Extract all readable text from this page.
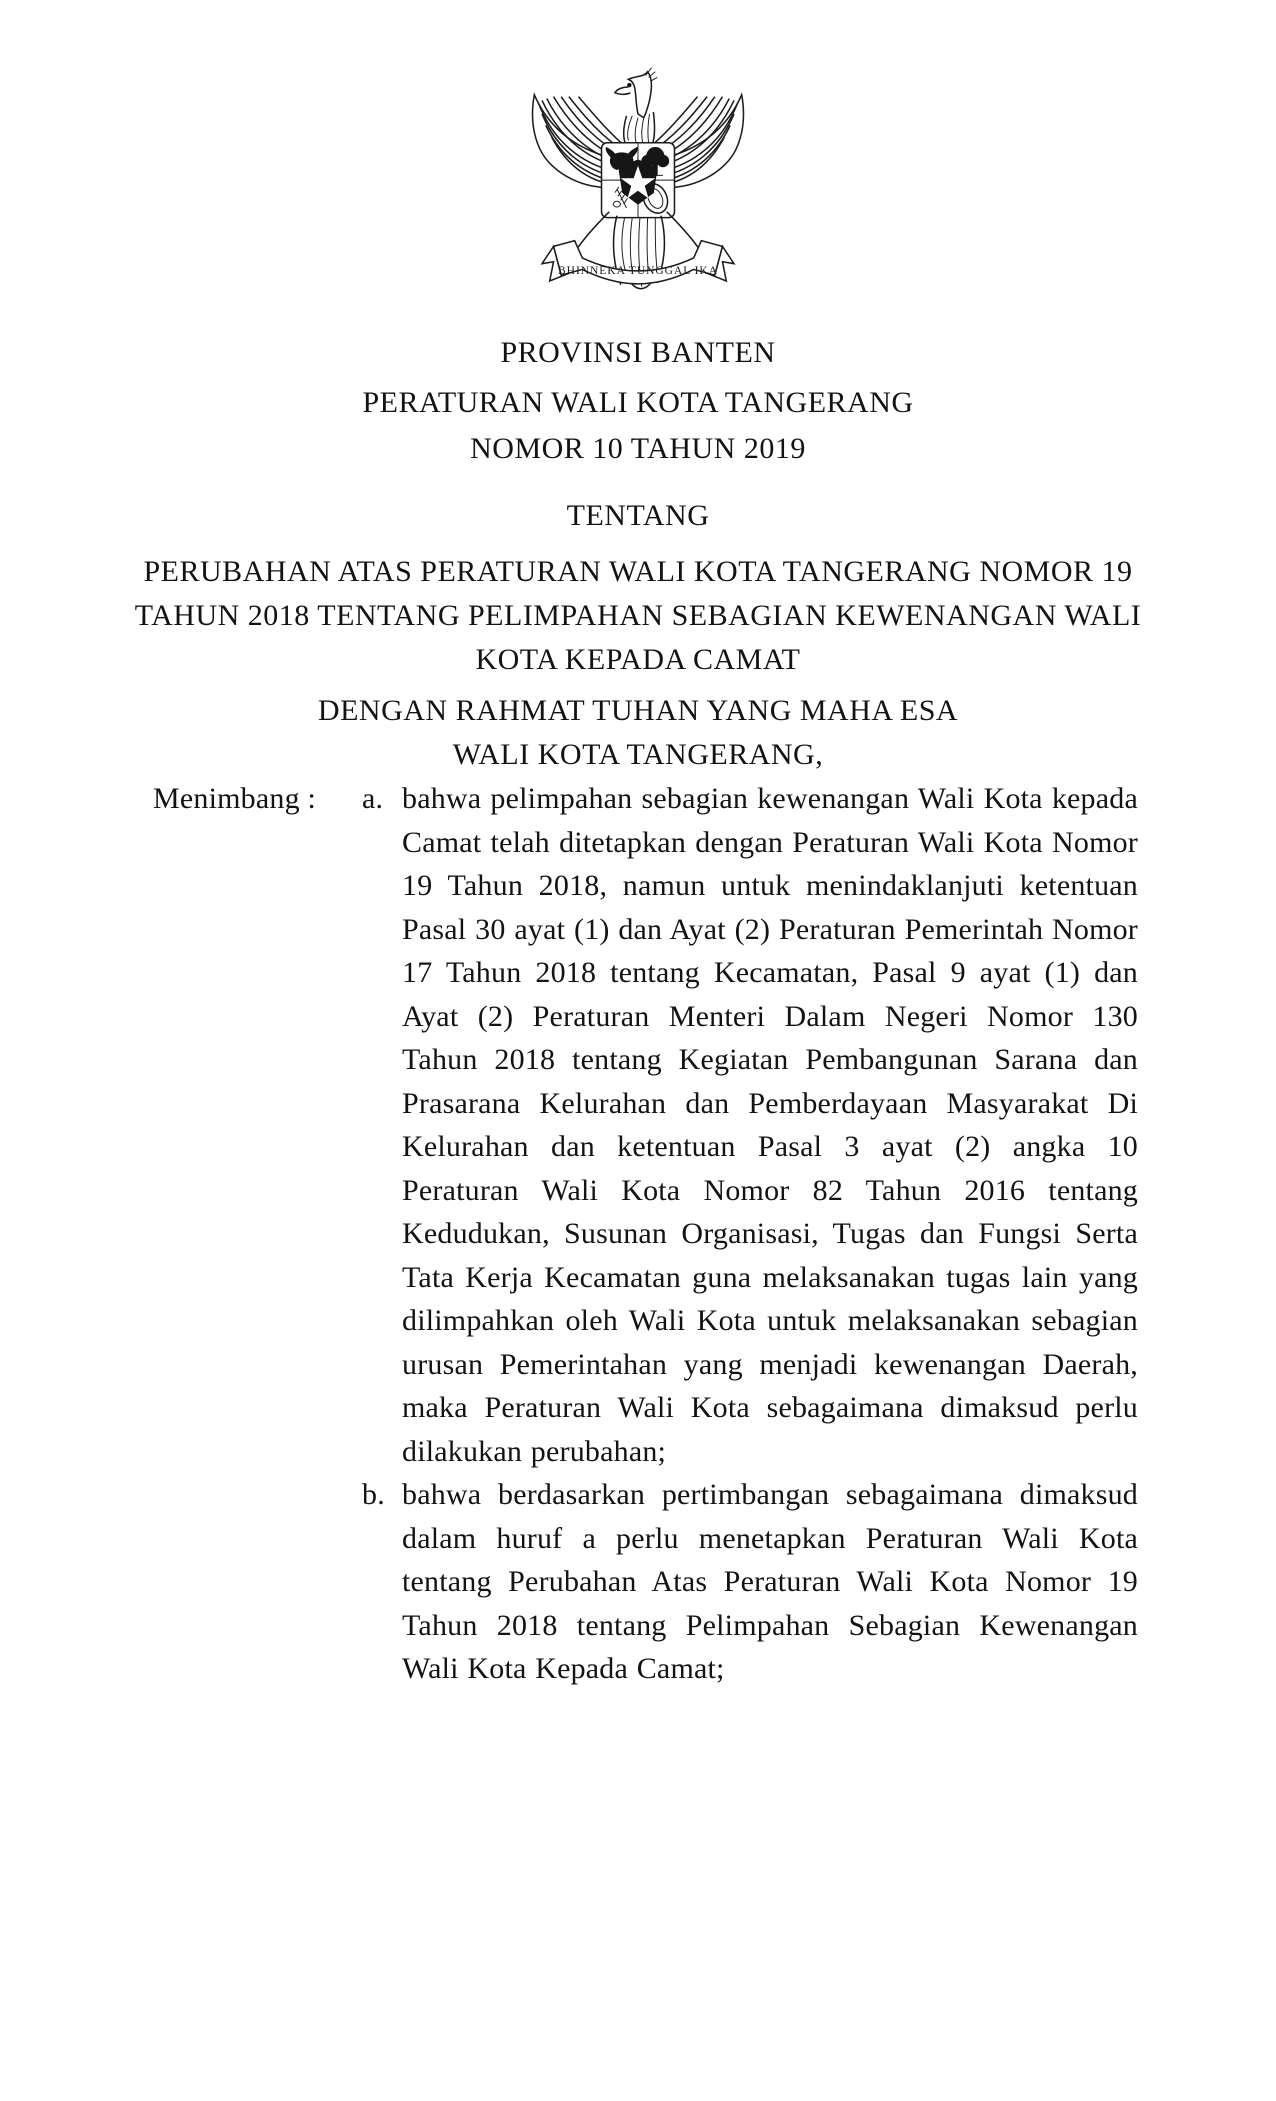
BHINNEKA TUNGGAL IKA
PROVINSI BANTEN
PERATURAN WALI KOTA TANGERANG
NOMOR 10 TAHUN 2019
TENTANG
PERUBAHAN ATAS PERATURAN WALI KOTA TANGERANG NOMOR 19
TAHUN 2018 TENTANG PELIMPAHAN SEBAGIAN KEWENANGAN WALI
KOTA KEPADA CAMAT
DENGAN RAHMAT TUHAN YANG MAHA ESA
WALI KOTA TANGERANG,
Menimbang :	a. bahwa pelimpahan sebagian kewenangan Wali Kota kepada Camat telah ditetapkan dengan Peraturan Wali Kota Nomor 19 Tahun 2018, namun untuk menindaklanjuti ketentuan Pasal 30 ayat (1) dan Ayat (2) Peraturan Pemerintah Nomor 17 Tahun 2018 tentang Kecamatan, Pasal 9 ayat (1) dan Ayat (2) Peraturan Menteri Dalam Negeri Nomor 130 Tahun 2018 tentang Kegiatan Pembangunan Sarana dan Prasarana Kelurahan dan Pemberdayaan Masyarakat Di Kelurahan dan ketentuan Pasal 3 ayat (2) angka 10 Peraturan Wali Kota Nomor 82 Tahun 2016 tentang Kedudukan, Susunan Organisasi, Tugas dan Fungsi Serta Tata Kerja Kecamatan guna melaksanakan tugas lain yang dilimpahkan oleh Wali Kota untuk melaksanakan sebagian urusan Pemerintahan yang menjadi kewenangan Daerah, maka Peraturan Wali Kota sebagaimana dimaksud perlu dilakukan perubahan;

b. bahwa berdasarkan pertimbangan sebagaimana dimaksud dalam huruf a perlu menetapkan Peraturan Wali Kota tentang Perubahan Atas Peraturan Wali Kota Nomor 19 Tahun 2018 tentang Pelimpahan Sebagian Kewenangan Wali Kota Kepada Camat;
